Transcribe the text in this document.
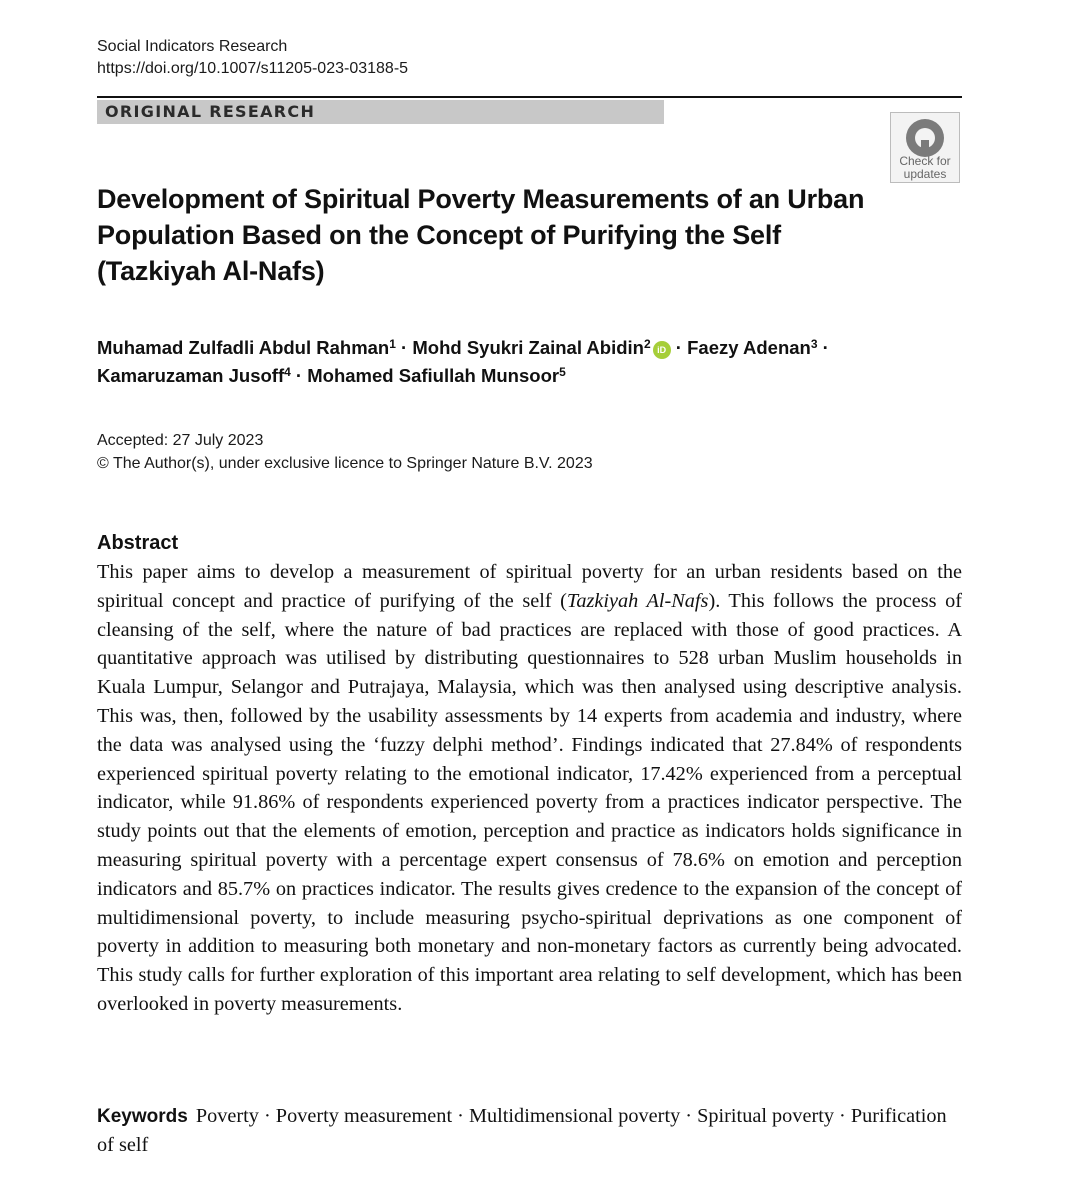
Social Indicators Research
https://doi.org/10.1007/s11205-023-03188-5
ORIGINAL RESEARCH
Check for
updates
Development of Spiritual Poverty Measurements of an Urban
Population Based on the Concept of Purifying the Self
(Tazkiyah Al-Nafs)
Muhamad Zulfadli Abdul Rahman$^1$ · Mohd Syukri Zainal Abidin$^2$ iD · Faezy Adenan$^3$ ·
Kamaruzaman Jusoff$^4$ · Mohamed Safiullah Munsoor$^5$
Accepted: 27 July 2023
© The Author(s), under exclusive licence to Springer Nature B.V. 2023
Abstract

This paper aims to develop a measurement of spiritual poverty for an urban residents based on the spiritual concept and practice of purifying of the self (Tazkiyah Al-Nafs). This follows the process of cleansing of the self, where the nature of bad practices are replaced with those of good practices. A quantitative approach was utilised by distributing questionnaires to 528 urban Muslim households in Kuala Lumpur, Selangor and Putrajaya, Malaysia, which was then analysed using descriptive analysis. This was, then, followed by the usability assessments by 14 experts from academia and industry, where the data was analysed using the ‘fuzzy delphi method’. Findings indicated that 27.84% of respondents experienced spiritual poverty relating to the emotional indicator, 17.42% experienced from a perceptual indicator, while 91.86% of respondents experienced poverty from a practices indicator perspective. The study points out that the elements of emotion, perception and practice as indicators holds significance in measuring spiritual poverty with a percentage expert consensus of 78.6% on emotion and perception indicators and 85.7% on practices indicator. The results gives credence to the expansion of the concept of multidimensional poverty, to include measuring psycho-spiritual deprivations as one component of poverty in addition to measuring both monetary and non-monetary factors as currently being advocated. This study calls for further exploration of this important area relating to self development, which has been overlooked in poverty measurements.

Keywords Poverty · Poverty measurement · Multidimensional poverty · Spiritual poverty · Purification of self
